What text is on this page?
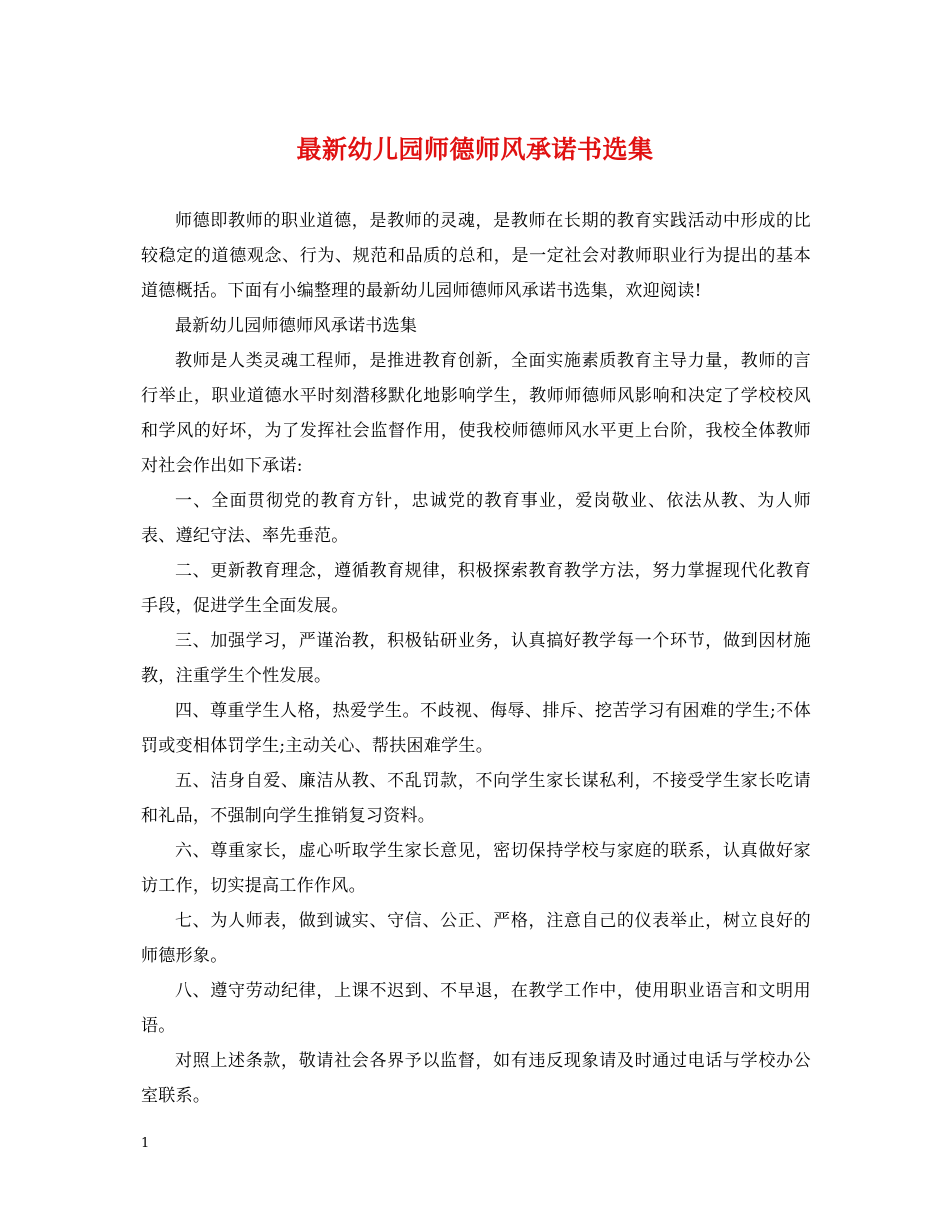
最新幼儿园师德师风承诺书选集

师德即教师的职业道德，是教师的灵魂，是教师在长期的教育实践活动中形成的比较稳定的道德观念、行为、规范和品质的总和，是一定社会对教师职业行为提出的基本道德概括。下面有小编整理的最新幼儿园师德师风承诺书选集，欢迎阅读!

最新幼儿园师德师风承诺书选集

教师是人类灵魂工程师，是推进教育创新，全面实施素质教育主导力量，教师的言行举止，职业道德水平时刻潜移默化地影响学生，教师师德师风影响和决定了学校校风和学风的好坏，为了发挥社会监督作用，使我校师德师风水平更上台阶，我校全体教师对社会作出如下承诺:

一、全面贯彻党的教育方针，忠诚党的教育事业，爱岗敬业、依法从教、为人师表、遵纪守法、率先垂范。

二、更新教育理念，遵循教育规律，积极探索教育教学方法，努力掌握现代化教育手段，促进学生全面发展。

三、加强学习，严谨治教，积极钻研业务，认真搞好教学每一个环节，做到因材施教，注重学生个性发展。

四、尊重学生人格，热爱学生。不歧视、侮辱、排斥、挖苦学习有困难的学生;不体罚或变相体罚学生;主动关心、帮扶困难学生。

五、洁身自爱、廉洁从教、不乱罚款，不向学生家长谋私利，不接受学生家长吃请和礼品，不强制向学生推销复习资料。

六、尊重家长，虚心听取学生家长意见，密切保持学校与家庭的联系，认真做好家访工作，切实提高工作作风。

七、为人师表，做到诚实、守信、公正、严格，注意自己的仪表举止，树立良好的师德形象。

八、遵守劳动纪律，上课不迟到、不早退，在教学工作中，使用职业语言和文明用语。

对照上述条款，敬请社会各界予以监督，如有违反现象请及时通过电话与学校办公室联系。

1
